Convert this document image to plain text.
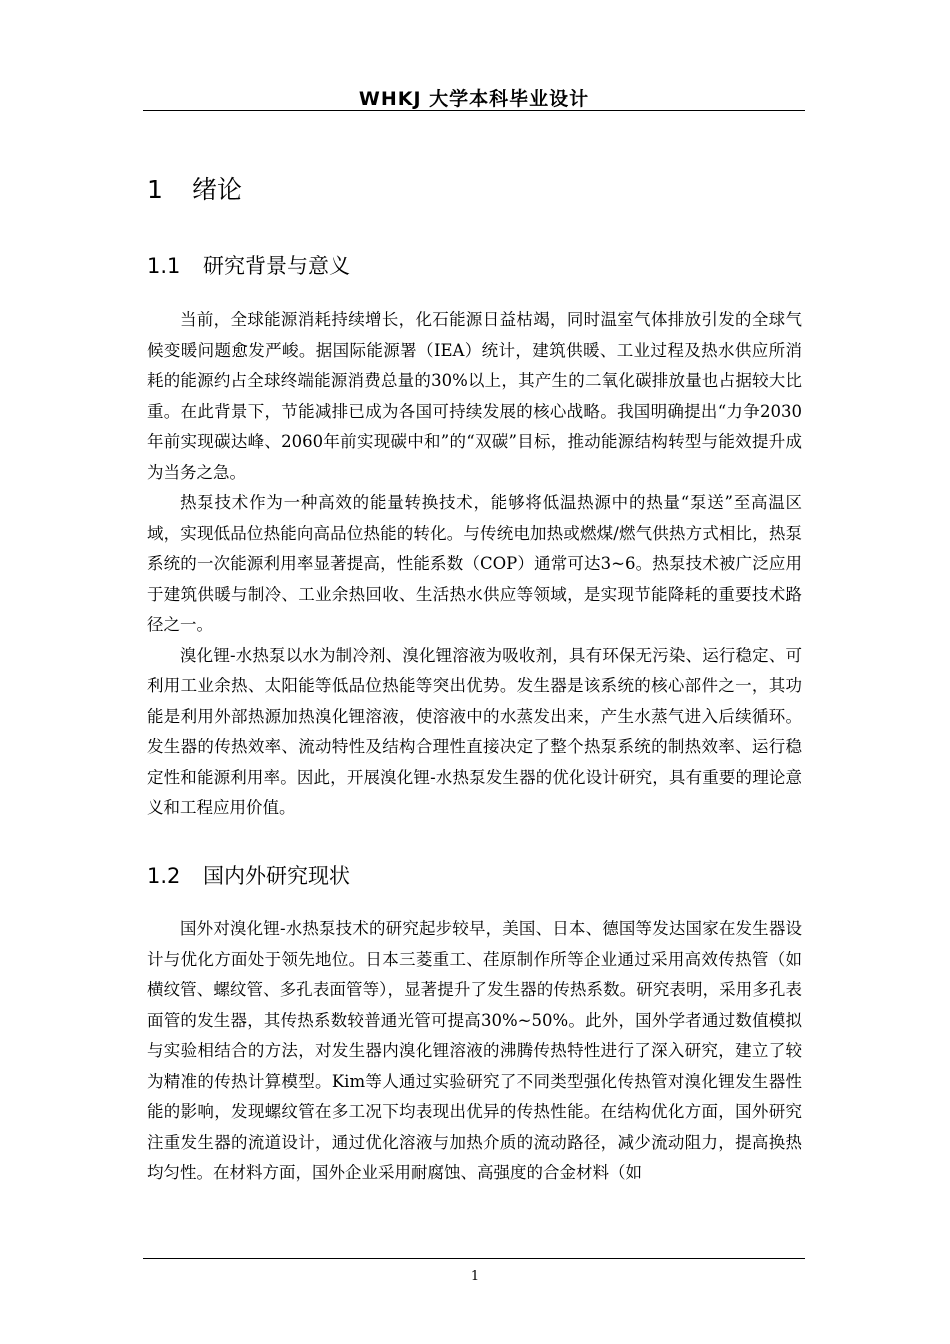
WHKJ 大学本科毕业设计
1 绪论
1.1 研究背景与意义

当前，全球能源消耗持续增长，化石能源日益枯竭，同时温室气体排放引发的全球气候变暖问题愈发严峻。据国际能源署（IEA）统计，建筑供暖、工业过程及热水供应所消耗的能源约占全球终端能源消费总量的30%以上，其产生的二氧化碳排放量也占据较大比重。在此背景下，节能减排已成为各国可持续发展的核心战略。我国明确提出“力争2030年前实现碳达峰、2060年前实现碳中和”的“双碳”目标，推动能源结构转型与能效提升成为当务之急。

热泵技术作为一种高效的能量转换技术，能够将低温热源中的热量“泵送”至高温区域，实现低品位热能向高品位热能的转化。与传统电加热或燃煤/燃气供热方式相比，热泵系统的一次能源利用率显著提高，性能系数（COP）通常可达3~6。热泵技术被广泛应用于建筑供暖与制冷、工业余热回收、生活热水供应等领域，是实现节能降耗的重要技术路径之一。

溴化锂-水热泵以水为制冷剂、溴化锂溶液为吸收剂，具有环保无污染、运行稳定、可利用工业余热、太阳能等低品位热能等突出优势。发生器是该系统的核心部件之一，其功能是利用外部热源加热溴化锂溶液，使溶液中的水蒸发出来，产生水蒸气进入后续循环。发生器的传热效率、流动特性及结构合理性直接决定了整个热泵系统的制热效率、运行稳定性和能源利用率。因此，开展溴化锂-水热泵发生器的优化设计研究，具有重要的理论意义和工程应用价值。

1.2 国内外研究现状

国外对溴化锂-水热泵技术的研究起步较早，美国、日本、德国等发达国家在发生器设计与优化方面处于领先地位。日本三菱重工、荏原制作所等企业通过采用高效传热管（如横纹管、螺纹管、多孔表面管等），显著提升了发生器的传热系数。研究表明，采用多孔表面管的发生器，其传热系数较普通光管可提高30%~50%。此外，国外学者通过数值模拟与实验相结合的方法，对发生器内溴化锂溶液的沸腾传热特性进行了深入研究，建立了较为精准的传热计算模型。Kim等人通过实验研究了不同类型强化传热管对溴化锂发生器性能的影响，发现螺纹管在多工况下均表现出优异的传热性能。在结构优化方面，国外研究注重发生器的流道设计，通过优化溶液与加热介质的流动路径，减少流动阻力，提高换热均匀性。在材料方面，国外企业采用耐腐蚀、高强度的合金材料（如

1
